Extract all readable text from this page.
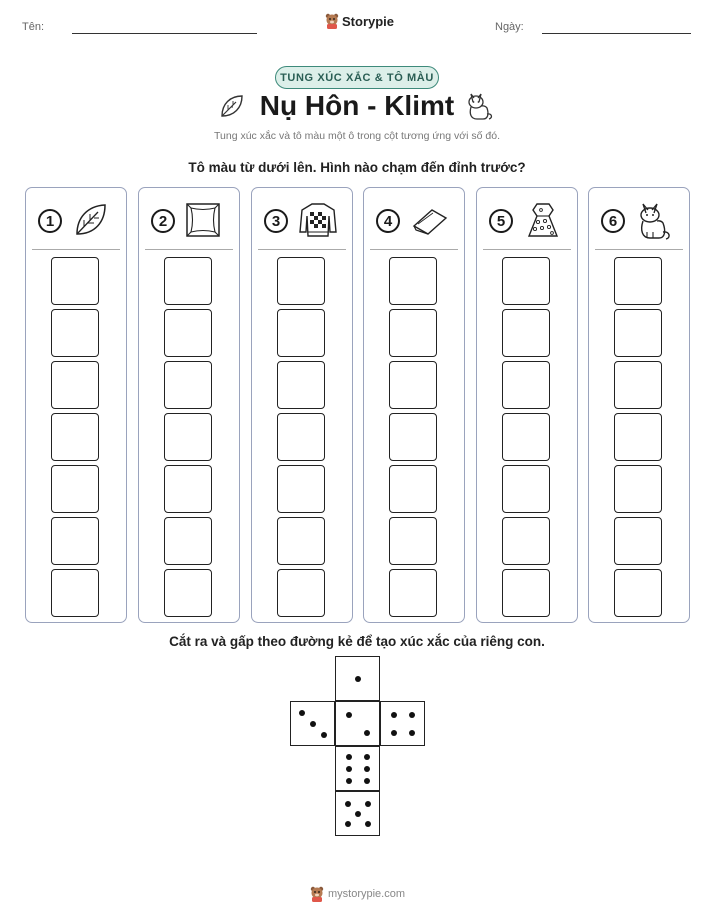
Tên:	Storypie	Ngày:
TUNG XÚC XẮC & TÔ MÀU
Nụ Hôn - Klimt
Tung xúc xắc và tô màu một ô trong cột tương ứng với số đó.
Tô màu từ dưới lên. Hình nào chạm đến đỉnh trước?
1	2	3	4	5	6
Cắt ra và gấp theo đường kẻ để tạo xúc xắc của riêng con.
mystorypie.com
